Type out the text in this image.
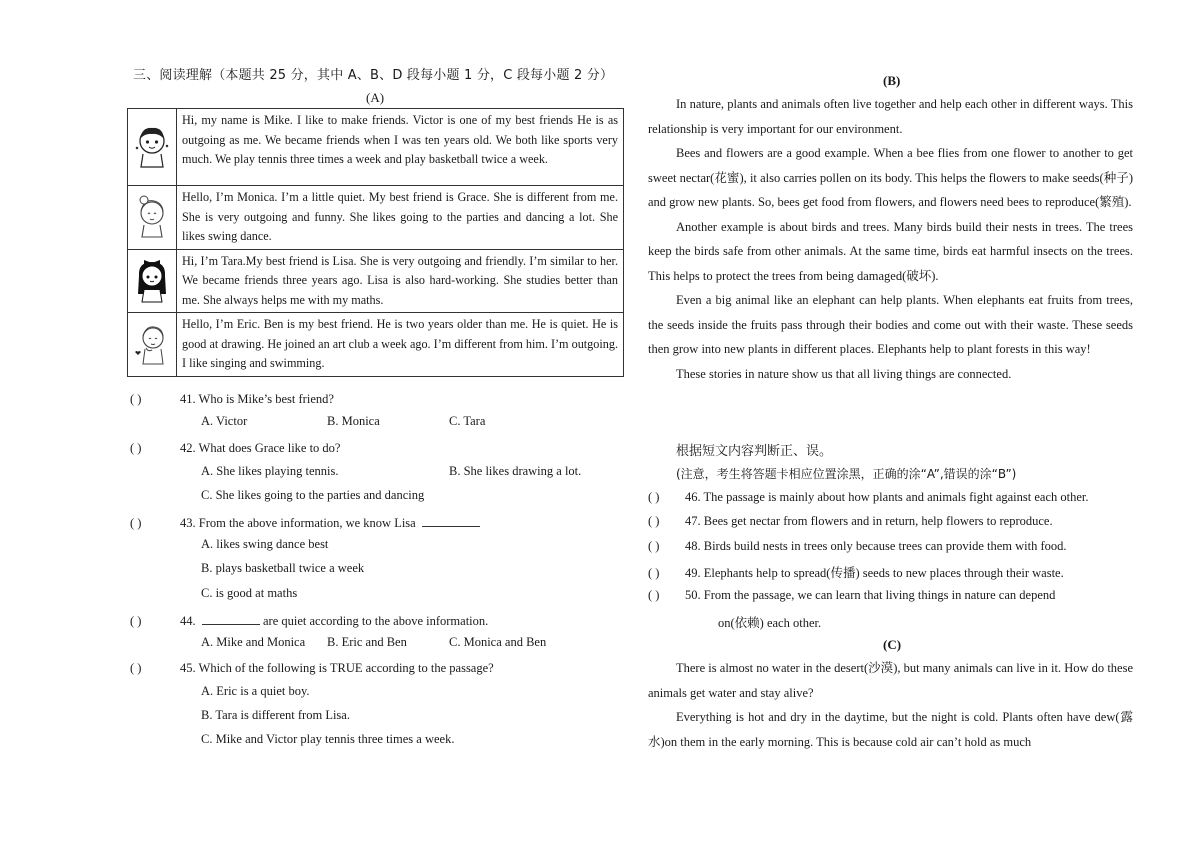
三、阅读理解（本题共 25 分，其中 A、B、D 段每小题 1 分，C 段每小题 2 分）
(A)
	Hi, my name is Mike. I like to make friends. Victor is one of my best friends He is as outgoing as me. We became friends when I was ten years old. We both like sports very much. We play tennis three times a week and play basketball twice a week.
	Hello, I’m Monica. I’m a little quiet. My best friend is Grace. She is different from me. She is very outgoing and funny. She likes going to the parties and dancing a lot. She likes swing dance.
	Hi, I’m Tara.My best friend is Lisa. She is very outgoing and friendly. I’m similar to her. We became friends three years ago. Lisa is also hard-working. She studies better than me. She always helps me with my maths.
	Hello, I’m Eric. Ben is my best friend. He is two years older than me. He is quiet. He is good at drawing. He joined an art club a week ago. I’m different from him. I’m outgoing. I like singing and swimming.
( )	41. Who is Mike’s best friend?
A. Victor	B. Monica	C. Tara
( )	42. What does Grace like to do?
A. She likes playing tennis.	B. She likes drawing a lot.
C. She likes going to the parties and dancing
( )	43. From the above information, we know Lisa
A. likes swing dance best
B. plays basketball twice a week
C. is good at maths
( )	44.	are quiet according to the above information.
A. Mike and Monica B. Eric and Ben	C. Monica and Ben
( )	45. Which of the following is TRUE according to the passage?
A. Eric is a quiet boy.
B. Tara is different from Lisa.
C. Mike and Victor play tennis three times a week.
(B)

In nature, plants and animals often live together and help each other in different ways. This relationship is very important for our environment.

Bees and flowers are a good example. When a bee flies from one flower to another to get sweet nectar(花蜜), it also carries pollen on its body. This helps the flowers to make seeds(种子) and grow new plants. So, bees get food from flowers, and flowers need bees to reproduce(繁殖).

Another example is about birds and trees. Many birds build their nests in trees. The trees keep the birds safe from other animals. At the same time, birds eat harmful insects on the trees. This helps to protect the trees from being damaged(破坏).

Even a big animal like an elephant can help plants. When elephants eat fruits from trees, the seeds inside the fruits pass through their bodies and come out with their waste. These seeds then grow into new plants in different places. Elephants help to plant forests in this way!

These stories in nature show us that all living things are connected.

根据短文内容判断正、误。
(注意，考生将答题卡相应位置涂黑，正确的涂“A”,错误的涂“B”)
( ) 46. The passage is mainly about how plants and animals fight against each other.
( ) 47. Bees get nectar from flowers and in return, help flowers to reproduce.
( ) 48. Birds build nests in trees only because trees can provide them with food.
( ) 49. Elephants help to spread(传播) seeds to new places through their waste.
( ) 50. From the passage, we can learn that living things in nature can depend
on(依赖) each other.
(C)

There is almost no water in the desert(沙漠), but many animals can live in it. How do these animals get water and stay alive?

Everything is hot and dry in the daytime, but the night is cold. Plants often have dew(露水)on them in the early morning. This is because cold air can’t hold as much
